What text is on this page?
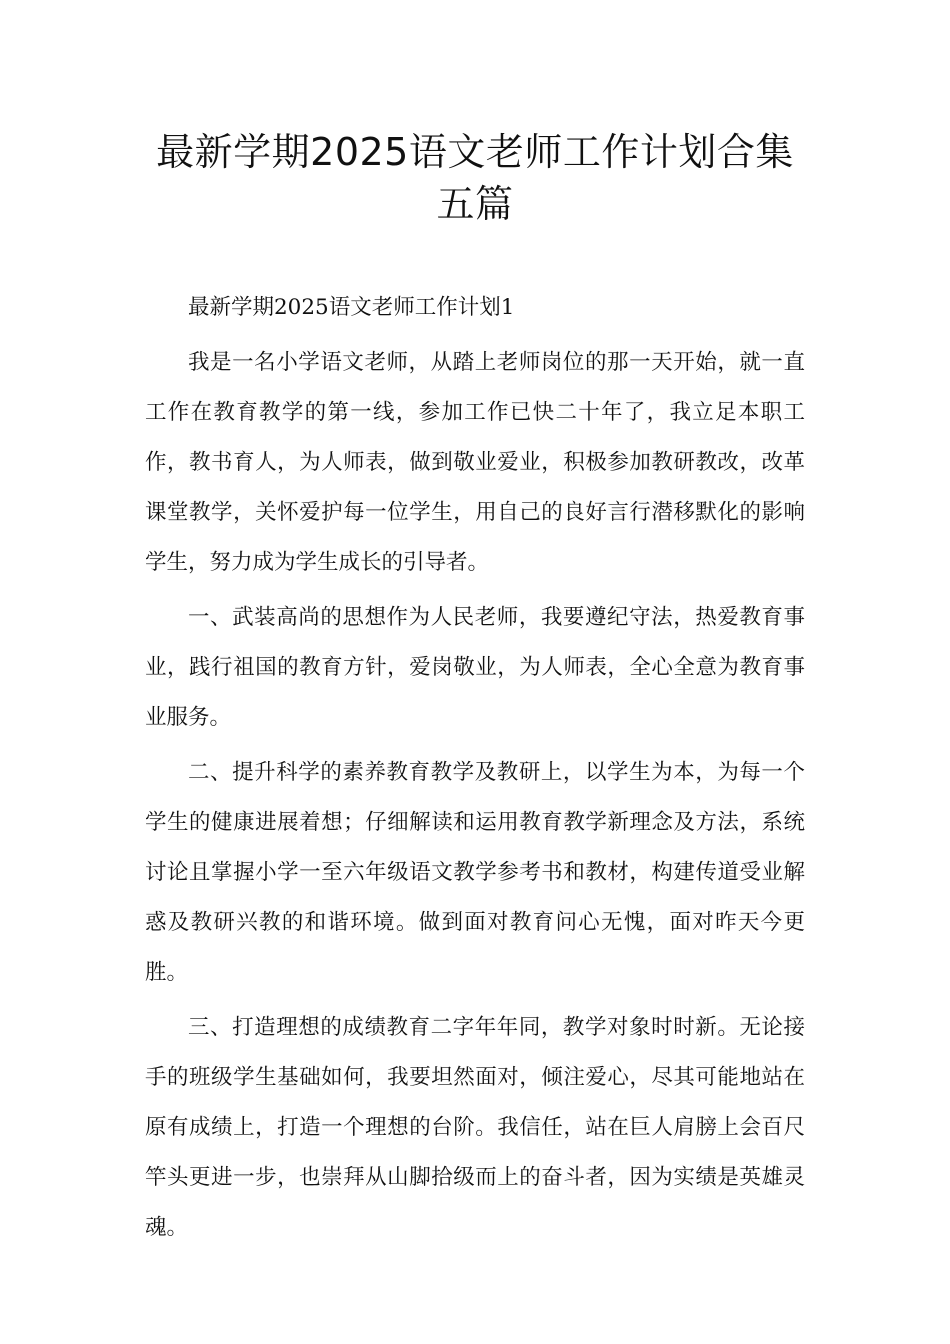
最新学期2025语文老师工作计划合集五篇

最新学期2025语文老师工作计划1

我是一名小学语文老师，从踏上老师岗位的那一天开始，就一直工作在教育教学的第一线，参加工作已快二十年了，我立足本职工作，教书育人，为人师表，做到敬业爱业，积极参加教研教改，改革课堂教学，关怀爱护每一位学生，用自己的良好言行潜移默化的影响学生，努力成为学生成长的引导者。

一、武装高尚的思想作为人民老师，我要遵纪守法，热爱教育事业，践行祖国的教育方针，爱岗敬业，为人师表，全心全意为教育事业服务。

二、提升科学的素养教育教学及教研上，以学生为本，为每一个学生的健康进展着想；仔细解读和运用教育教学新理念及方法，系统讨论且掌握小学一至六年级语文教学参考书和教材，构建传道受业解惑及教研兴教的和谐环境。做到面对教育问心无愧，面对昨天今更胜。

三、打造理想的成绩教育二字年年同，教学对象时时新。无论接手的班级学生基础如何，我要坦然面对，倾注爱心，尽其可能地站在原有成绩上，打造一个理想的台阶。我信任，站在巨人肩膀上会百尺竿头更进一步，也崇拜从山脚拾级而上的奋斗者，因为实绩是英雄灵魂。
